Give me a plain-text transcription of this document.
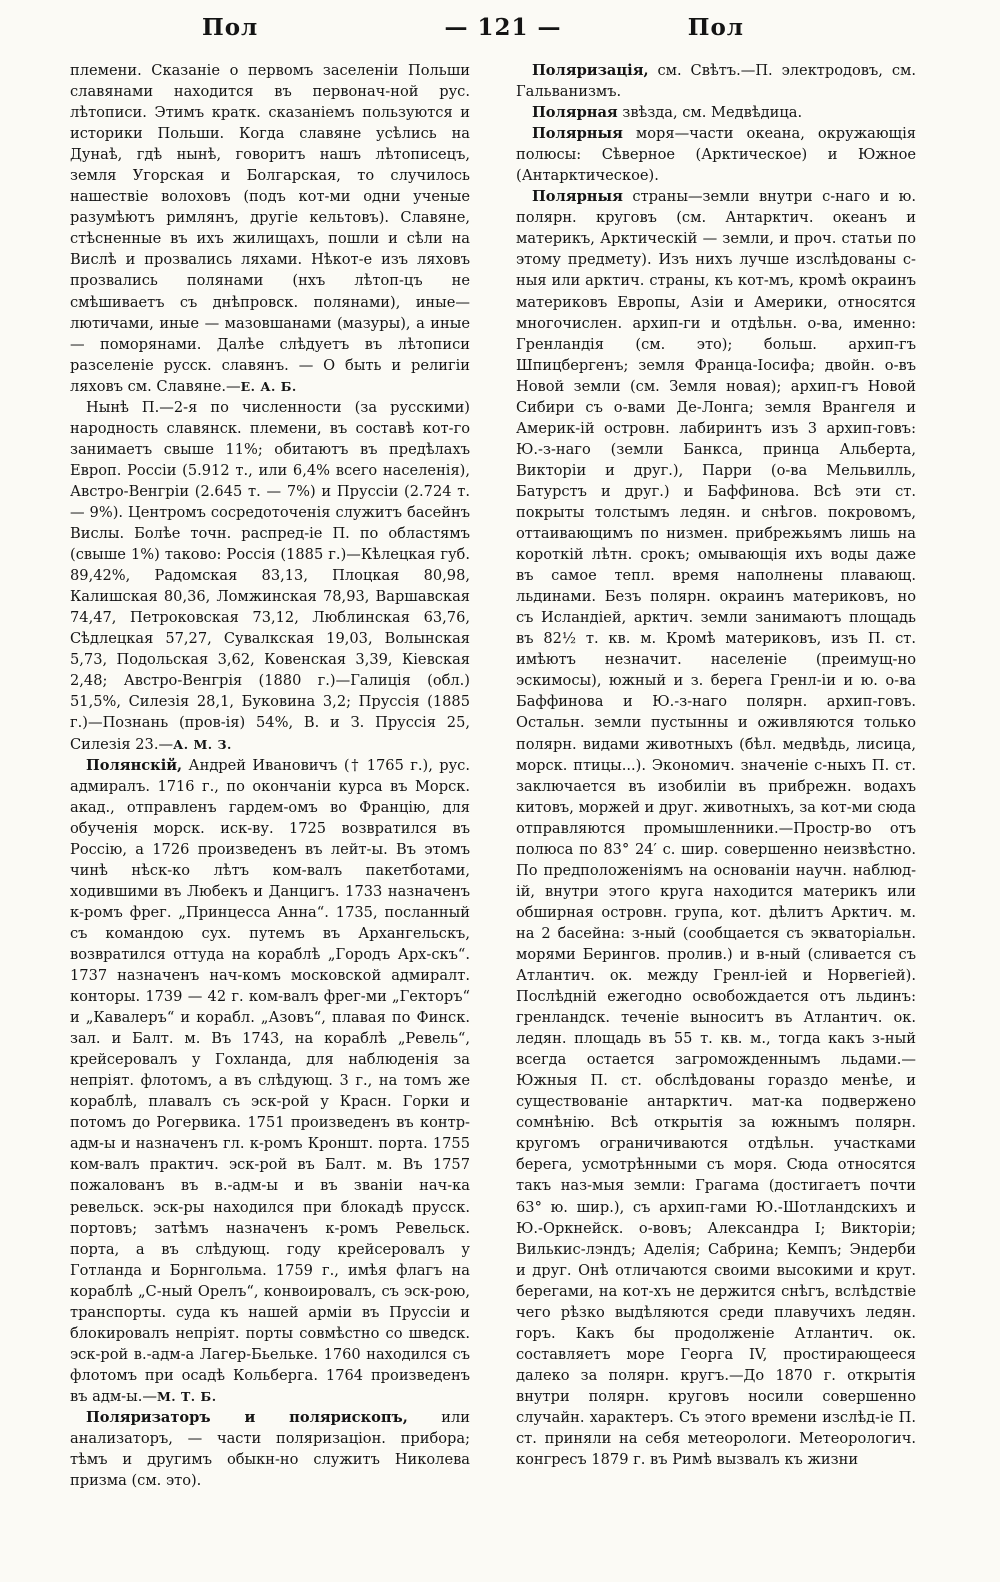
Пол	— 121 —	Пол

племени. Сказаніе о первомъ заселеніи Польши славянами находится въ первонач-ной рус. лѣтописи. Этимъ кратк. сказаніемъ пользуются и историки Польши. Когда славяне усѣлись на Дунаѣ, гдѣ нынѣ, говоритъ нашъ лѣтописецъ, земля Угорская и Болгарская, то случилось нашествіе волоховъ (подъ кот-ми одни ученые разумѣютъ римлянъ, другіе кельтовъ). Славяне, стѣсненные въ ихъ жилищахъ, пошли и сѣли на Вислѣ и прозвались ляхами. Нѣкот-е изъ ляховъ прозвались полянами (нхъ лѣтоп-цъ не смѣшиваетъ съ днѣпровск. полянами), иные—лютичами, иные — мазовшанами (мазуры), а иные — поморянами. Далѣе слѣдуетъ въ лѣтописи разселеніе русск. славянъ. — О быть и религіи ляховъ см. Славяне.—Е. А. Б.

Нынѣ П.—2-я по численности (за русскими) народность славянск. племени, въ составѣ кот-го занимаетъ свыше 11%; обитаютъ въ предѣлахъ Европ. Россіи (5.912 т., или 6,4% всего населенія), Австро-Венгріи (2.645 т. — 7%) и Пруссіи (2.724 т. — 9%). Центромъ сосредоточенія служитъ басейнъ Вислы. Болѣе точн. распред-іе П. по областямъ (свыше 1%) таково: Россія (1885 г.)—Кѣлецкая губ. 89,42%, Радомская 83,13, Плоцкая 80,98, Калишская 80,36, Ломжинская 78,93, Варшавская 74,47, Петроковская 73,12, Люблинская 63,76, Сѣдлецкая 57,27, Сувалкская 19,03, Волынская 5,73, Подольская 3,62, Ковенская 3,39, Кіевская 2,48; Австро-Венгрія (1880 г.)—Галиція (обл.) 51,5%, Силезія 28,1, Буковина 3,2; Пруссія (1885 г.)—Познань (пров-ія) 54%, В. и З. Пруссія 25, Силезія 23.—А. М. З.

Полянскій, Андрей Ивановичъ († 1765 г.), рус. адмиралъ. 1716 г., по окончаніи курса въ Морск. акад., отправленъ гардем-омъ во Францію, для обученія морск. иск-ву. 1725 возвратился въ Россію, а 1726 произведенъ въ лейт-ы. Въ этомъ чинѣ нѣск-ко лѣтъ ком-валъ пакетботами, ходившими въ Любекъ и Данцигъ. 1733 назначенъ к-ромъ фрег. „Принцесса Анна“. 1735, посланный съ командою сух. путемъ въ Архангельскъ, возвратился оттуда на кораблѣ „Городъ Арх-скъ“. 1737 назначенъ нач-комъ московской адмиралт. конторы. 1739 — 42 г. ком-валъ фрег-ми „Гекторъ“ и „Кавалеръ“ и корабл. „Азовъ“, плавая по Финск. зал. и Балт. м. Въ 1743, на кораблѣ „Ревель“, крейсеровалъ у Гохланда, для наблюденія за непріят. флотомъ, а въ слѣдующ. 3 г., на томъ же кораблѣ, плавалъ съ эск-рой у Красн. Горки и потомъ до Рогервика. 1751 произведенъ въ контр-адм-ы и назначенъ гл. к-ромъ Кроншт. порта. 1755 ком-валъ практич. эск-рой въ Балт. м. Въ 1757 пожалованъ въ в.-адм-ы и въ званіи нач-ка ревельск. эск-ры находился при блокадѣ прусск. портовъ; затѣмъ назначенъ к-ромъ Ревельск. порта, а въ слѣдующ. году крейсеровалъ у Готланда и Борнгольма. 1759 г., имѣя флагъ на кораблѣ „С-ный Орелъ“, конвоировалъ, съ эск-рою, транспорты. суда къ нашей арміи въ Пруссіи и блокировалъ непріят. порты совмѣстно со шведск. эск-рой в.-адм-а Лагер-Бьельке. 1760 находился съ флотомъ при осадѣ Кольберга. 1764 произведенъ въ адм-ы.—М. Т. Б.

Поляризаторъ и полярископъ, или анализаторъ, — части поляризаціон. прибора; тѣмъ и другимъ обыкн-но служитъ Николева призма (см. это).

Поляризація, см. Свѣтъ.—П. электродовъ, см. Гальванизмъ.

Полярная звѣзда, см. Медвѣдица.

Полярныя моря—части океана, окружающія полюсы: Сѣверное (Арктическое) и Южное (Антарктическое).

Полярныя страны—земли внутри с-наго и ю. полярн. круговъ (см. Антарктич. океанъ и материкъ, Арктическій — земли, и проч. статьи по этому предмету). Изъ нихъ лучше изслѣдованы с-ныя или арктич. страны, къ кот-мъ, кромѣ окраинъ материковъ Европы, Азіи и Америки, относятся многочислен. архип-ги и отдѣльн. о-ва, именно: Гренландія (см. это); больш. архип-гъ Шпицбергенъ; земля Франца-Іосифа; двойн. о-въ Новой земли (см. Земля новая); архип-гъ Новой Сибири съ о-вами Де-Лонга; земля Врангеля и Америк-ій островн. лабиринтъ изъ 3 архип-говъ: Ю.-з-наго (земли Банкса, принца Альберта, Викторіи и друг.), Парри (о-ва Мельвилль, Батурстъ и друг.) и Баффинова. Всѣ эти ст. покрыты толстымъ ледян. и снѣгов. покровомъ, оттаивающимъ по низмен. прибрежьямъ лишь на короткій лѣтн. срокъ; омывающія ихъ воды даже въ самое тепл. время наполнены плавающ. льдинами. Безъ полярн. окраинъ материковъ, но съ Исландіей, арктич. земли занимаютъ площадь въ 82½ т. кв. м. Кромѣ материковъ, изъ П. ст. имѣютъ незначит. населеніе (преимущ-но эскимосы), южный и з. берега Гренл-іи и ю. о-ва Баффинова и Ю.-з-наго полярн. архип-говъ. Остальн. земли пустынны и оживляются только полярн. видами животныхъ (бѣл. медвѣдь, лисица, морск. птицы...). Экономич. значеніе с-ныхъ П. ст. заключается въ изобиліи въ прибрежн. водахъ китовъ, моржей и друг. животныхъ, за кот-ми сюда отправляются промышленники.—Простр-во отъ полюса по 83° 24′ с. шир. совершенно неизвѣстно. По предположеніямъ на основаніи научн. наблюд-ій, внутри этого круга находится материкъ или обширная островн. група, кот. дѣлитъ Арктич. м. на 2 басейна: з-ный (сообщается съ экваторіальн. морями Берингов. пролив.) и в-ный (сливается съ Атлантич. ок. между Гренл-іей и Норвегіей). Послѣдній ежегодно освобождается отъ льдинъ: гренландск. теченіе выноситъ въ Атлантич. ок. ледян. площадь въ 55 т. кв. м., тогда какъ з-ный всегда остается загроможденнымъ льдами.—Южныя П. ст. обслѣдованы гораздо менѣе, и существованіе антарктич. мат-ка подвержено сомнѣнію. Всѣ открытія за южнымъ полярн. кругомъ ограничиваются отдѣльн. участками берега, усмотрѣнными съ моря. Сюда относятся такъ наз-мыя земли: Грагама (достигаетъ почти 63° ю. шир.), съ архип-гами Ю.-Шотландскихъ и Ю.-Оркнейск. о-вовъ; Александра I; Викторіи; Вилькис-лэндъ; Аделія; Сабрина; Кемпъ; Эндерби и друг. Онѣ отличаются своими высокими и крут. берегами, на кот-хъ не держится снѣгъ, вслѣдствіе чего рѣзко выдѣляются среди плавучихъ ледян. горъ. Какъ бы продолженіе Атлантич. ок. составляетъ море Георга IV, простирающееся далеко за полярн. кругъ.—До 1870 г. открытія внутри полярн. круговъ носили совершенно случайн. характеръ. Съ этого времени изслѣд-іе П. ст. приняли на себя метеорологи. Метеорологич. конгресъ 1879 г. въ Римѣ вызвалъ къ жизни
